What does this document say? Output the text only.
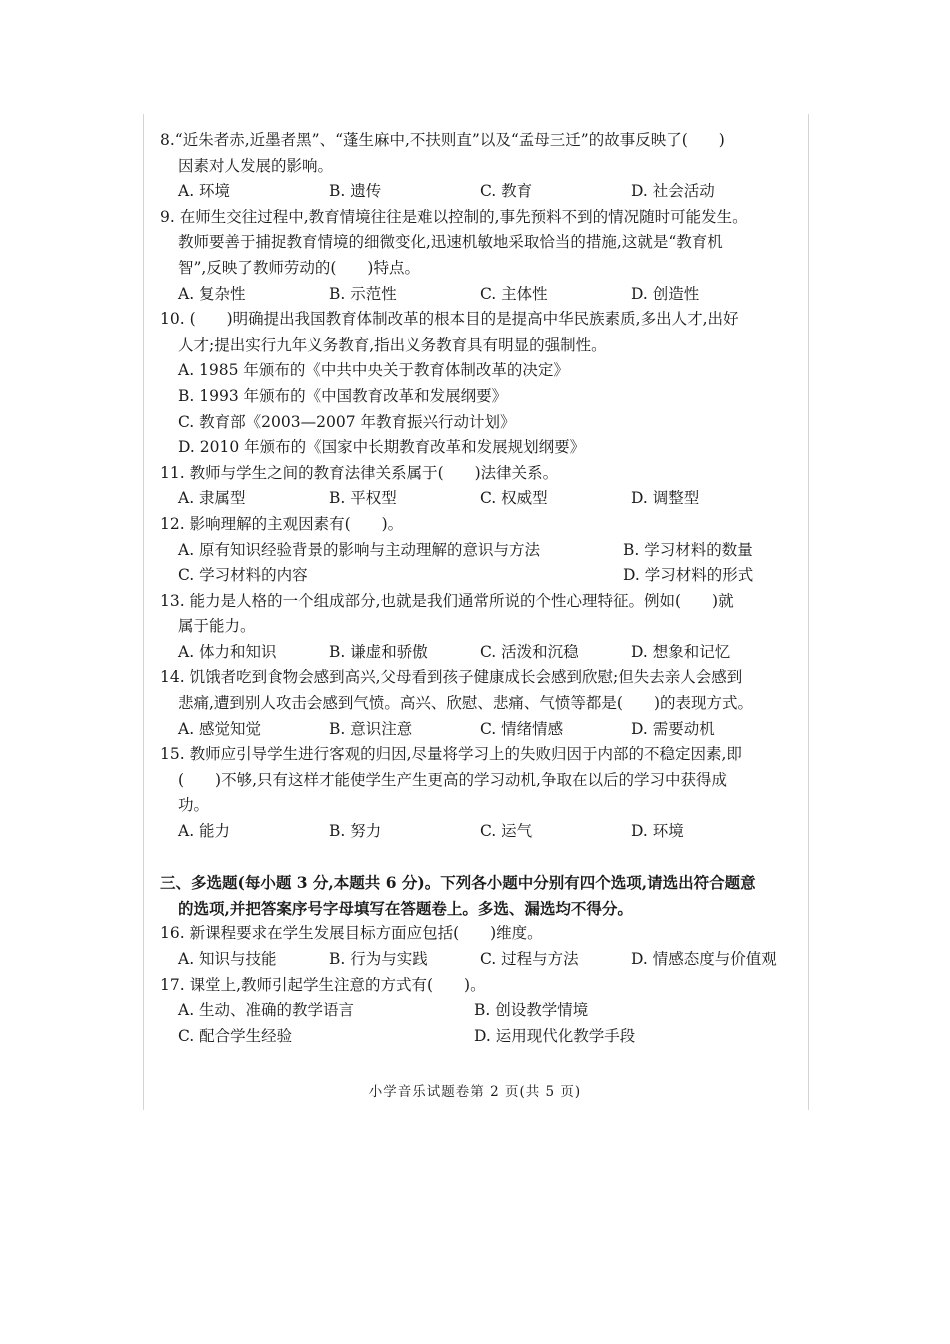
8.“近朱者赤,近墨者黑”、“蓬生麻中,不扶则直”以及“孟母三迁”的故事反映了(　　)
因素对人发展的影响。
A. 环境	B. 遗传	C. 教育	D. 社会活动
9. 在师生交往过程中,教育情境往往是难以控制的,事先预料不到的情况随时可能发生。
教师要善于捕捉教育情境的细微变化,迅速机敏地采取恰当的措施,这就是“教育机
智”,反映了教师劳动的(　　)特点。
A. 复杂性	B. 示范性	C. 主体性	D. 创造性
10. (　　)明确提出我国教育体制改革的根本目的是提高中华民族素质,多出人才,出好
人才;提出实行九年义务教育,指出义务教育具有明显的强制性。
A. 1985 年颁布的《中共中央关于教育体制改革的决定》
B. 1993 年颁布的《中国教育改革和发展纲要》
C. 教育部《2003—2007 年教育振兴行动计划》
D. 2010 年颁布的《国家中长期教育改革和发展规划纲要》
11. 教师与学生之间的教育法律关系属于(　　)法律关系。
A. 隶属型	B. 平权型	C. 权威型	D. 调整型
12. 影响理解的主观因素有(　　)。
A. 原有知识经验背景的影响与主动理解的意识与方法	B. 学习材料的数量
C. 学习材料的内容	D. 学习材料的形式
13. 能力是人格的一个组成部分,也就是我们通常所说的个性心理特征。例如(　　)就
属于能力。
A. 体力和知识	B. 谦虚和骄傲	C. 活泼和沉稳	D. 想象和记忆
14. 饥饿者吃到食物会感到高兴,父母看到孩子健康成长会感到欣慰;但失去亲人会感到
悲痛,遭到别人攻击会感到气愤。高兴、欣慰、悲痛、气愤等都是(　　)的表现方式。
A. 感觉知觉	B. 意识注意	C. 情绪情感	D. 需要动机
15. 教师应引导学生进行客观的归因,尽量将学习上的失败归因于内部的不稳定因素,即
(　　)不够,只有这样才能使学生产生更高的学习动机,争取在以后的学习中获得成
功。
A. 能力	B. 努力	C. 运气	D. 环境
三、多选题(每小题 3 分,本题共 6 分)。下列各小题中分别有四个选项,请选出符合题意
的选项,并把答案序号字母填写在答题卷上。多选、漏选均不得分。
16. 新课程要求在学生发展目标方面应包括(　　)维度。
A. 知识与技能	B. 行为与实践	C. 过程与方法	D. 情感态度与价值观
17. 课堂上,教师引起学生注意的方式有(　　)。
A. 生动、准确的教学语言	B. 创设教学情境
C. 配合学生经验	D. 运用现代化教学手段
小学音乐试题卷第 2 页(共 5 页)
